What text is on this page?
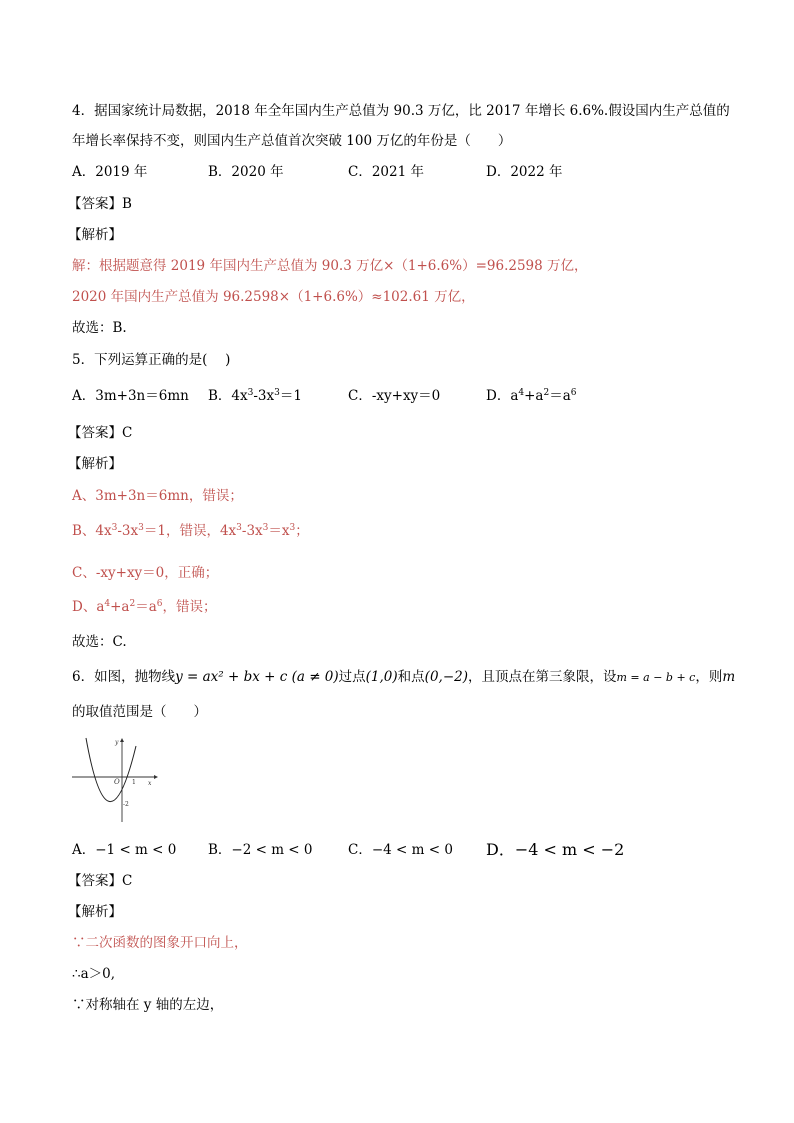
4．据国家统计局数据，2018 年全年国内生产总值为 90.3 万亿，比 2017 年增长 6.6%.假设国内生产总值的
年增长率保持不变，则国内生产总值首次突破 100 万亿的年份是（　　）
A．2019 年	B．2020 年	C．2021 年	D．2022 年
【答案】B
【解析】
解：根据题意得 2019 年国内生产总值为 90.3 万亿×（1+6.6%）=96.2598 万亿，
2020 年国内生产总值为 96.2598×（1+6.6%）≈102.61 万亿，
故选：B.
5．下列运算正确的是(　 )
A．3m+3n＝6mn B．$4x^3-3x^3=1$	C．-xy+xy＝0	D．$a^4+a^2=a^6$
【答案】C
【解析】
A、3m+3n＝6mn，错误；
B、$4x^3-3x^3=1$，错误，$4x^3-3x^3=x^3$；
C、-xy+xy＝0，正确；
D、$a^4+a^2=a^6$，错误；
故选：C.
6．如图，抛物线y = ax² + bx + c (a ≠ 0)过点(1,0)和点(0,−2)，且顶点在第三象限，设m = a − b + c，则m
的取值范围是（　　）
y
O 1 x
-2
A．−1 < m < 0 B．−2 < m < 0	C．−4 < m < 0 D．−4 < m < −2
【答案】C
【解析】
∵二次函数的图象开口向上，
∴a＞0,
∵对称轴在 y 轴的左边，
